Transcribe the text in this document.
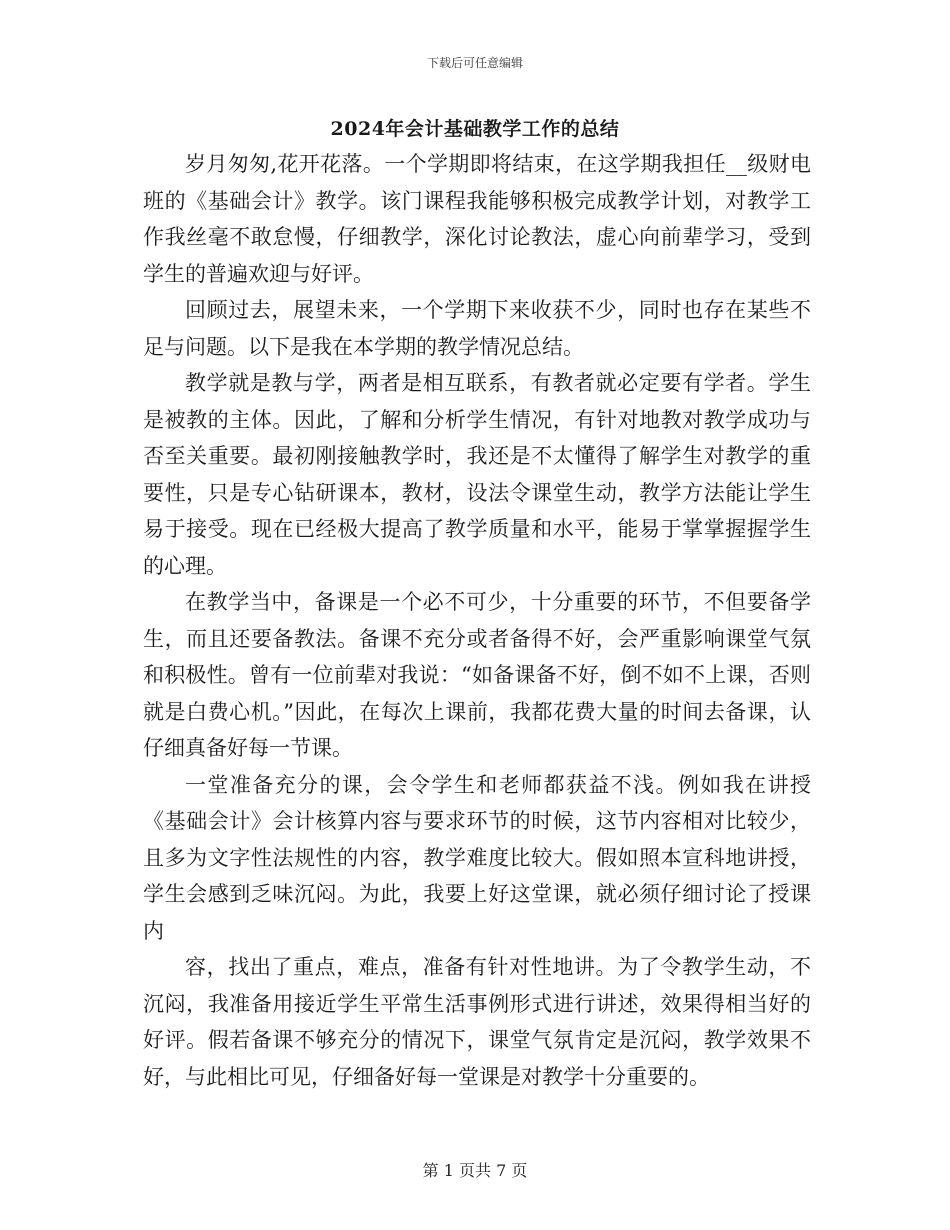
下载后可任意编辑
2024年会计基础教学工作的总结

岁月匆匆,花开花落。一个学期即将结束，在这学期我担任__级财电班的《基础会计》教学。该门课程我能够积极完成教学计划，对教学工作我丝毫不敢怠慢，仔细教学，深化讨论教法，虚心向前辈学习，受到学生的普遍欢迎与好评。

回顾过去，展望未来，一个学期下来收获不少，同时也存在某些不足与问题。以下是我在本学期的教学情况总结。

教学就是教与学，两者是相互联系，有教者就必定要有学者。学生是被教的主体。因此，了解和分析学生情况，有针对地教对教学成功与否至关重要。最初刚接触教学时，我还是不太懂得了解学生对教学的重要性，只是专心钻研课本，教材，设法令课堂生动，教学方法能让学生易于接受。现在已经极大提高了教学质量和水平，能易于掌掌握握学生的心理。

在教学当中，备课是一个必不可少，十分重要的环节，不但要备学生，而且还要备教法。备课不充分或者备得不好，会严重影响课堂气氛和积极性。曾有一位前辈对我说：“如备课备不好，倒不如不上课，否则就是白费心机。”因此，在每次上课前，我都花费大量的时间去备课，认仔细真备好每一节课。

一堂准备充分的课，会令学生和老师都获益不浅。例如我在讲授《基础会计》会计核算内容与要求环节的时候，这节内容相对比较少，且多为文字性法规性的内容，教学难度比较大。假如照本宣科地讲授，学生会感到乏味沉闷。为此，我要上好这堂课，就必须仔细讨论了授课内

容，找出了重点，难点，准备有针对性地讲。为了令教学生动，不沉闷，我准备用接近学生平常生活事例形式进行讲述，效果得相当好的好评。假若备课不够充分的情况下，课堂气氛肯定是沉闷，教学效果不好，与此相比可见，仔细备好每一堂课是对教学十分重要的。

第 1 页共 7 页
